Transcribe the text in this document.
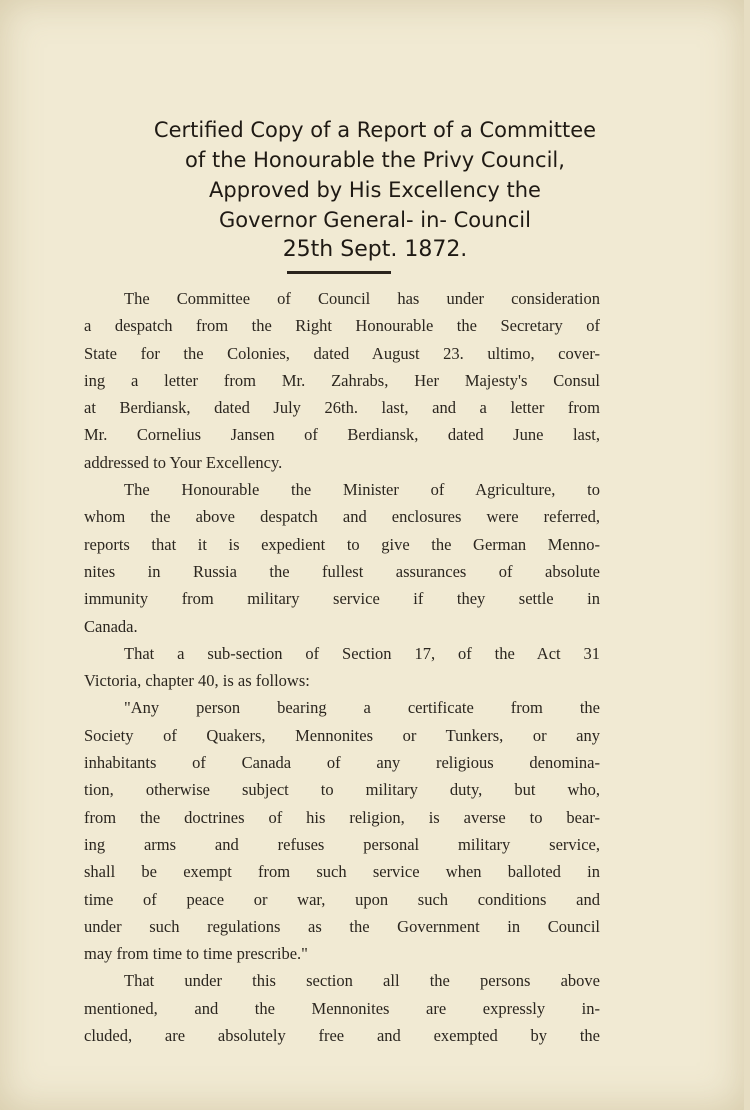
Certified Copy of a Report of a Committee
of the Honourable the Privy Council,
Approved by His Excellency the
Governor General- in- Council
25th Sept. 1872.

The Committee of Council has under consideration
a despatch from the Right Honourable the Secretary of
State for the Colonies, dated August 23. ultimo, cover-
ing a letter from Mr. Zahrabs, Her Majesty's Consul
at Berdiansk, dated July 26th. last, and a letter from
Mr. Cornelius Jansen of Berdiansk, dated June last,
addressed to Your Excellency.

The Honourable the Minister of Agriculture, to
whom the above despatch and enclosures were referred,
reports that it is expedient to give the German Menno-
nites in Russia the fullest assurances of absolute
immunity from military service if they settle in
Canada.

That a sub-section of Section 17, of the Act 31
Victoria, chapter 40, is as follows:

"Any person bearing a certificate from the
Society of Quakers, Mennonites or Tunkers, or any
inhabitants of Canada of any religious denomina-
tion, otherwise subject to military duty, but who,
from the doctrines of his religion, is averse to bear-
ing arms and refuses personal military service,
shall be exempt from such service when balloted in
time of peace or war, upon such conditions and
under such regulations as the Government in Council
may from time to time prescribe."

That under this section all the persons above
mentioned, and the Mennonites are expressly in-
cluded, are absolutely free and exempted by the
